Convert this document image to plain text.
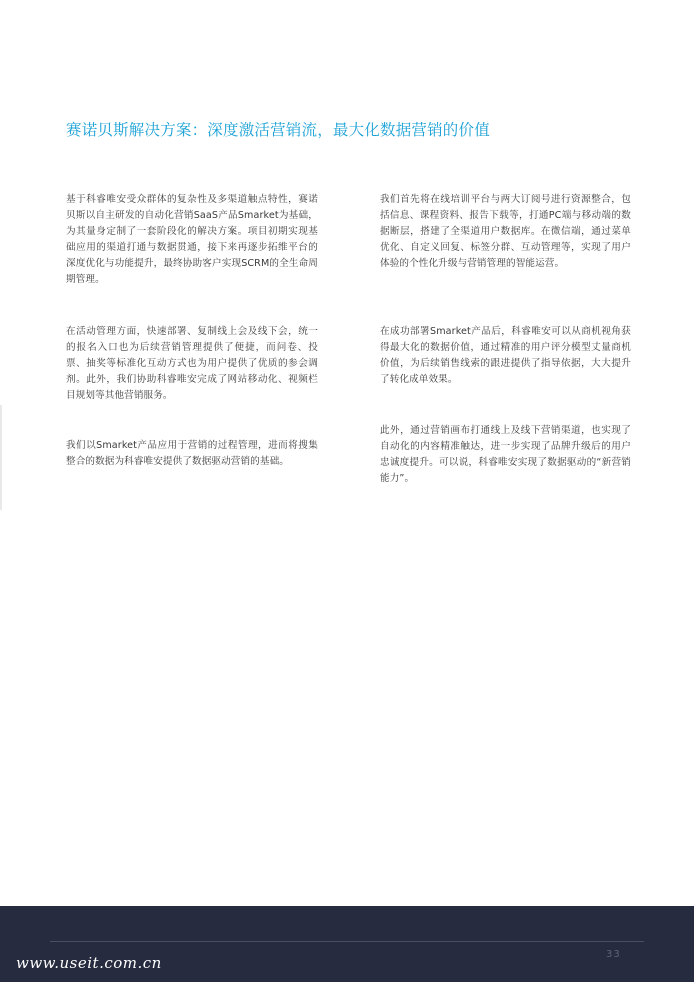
赛诺贝斯解决方案：深度激活营销流，最大化数据营销的价值

基于科睿唯安受众群体的复杂性及多渠道触点特性，赛诺贝斯以自主研发的自动化营销SaaS产品Smarket为基础，为其量身定制了一套阶段化的解决方案。项目初期实现基础应用的渠道打通与数据贯通，接下来再逐步拓维平台的深度优化与功能提升，最终协助客户实现SCRM的全生命周期管理。

在活动管理方面，快速部署、复制线上会及线下会，统一的报名入口也为后续营销管理提供了便捷，而问卷、投票、抽奖等标准化互动方式也为用户提供了优质的参会调剂。此外，我们协助科睿唯安完成了网站移动化、视频栏目规划等其他营销服务。

我们以Smarket产品应用于营销的过程管理，进而将搜集整合的数据为科睿唯安提供了数据驱动营销的基础。

我们首先将在线培训平台与两大订阅号进行资源整合，包括信息、课程资料、报告下载等，打通PC端与移动端的数据断层，搭建了全渠道用户数据库。在微信端，通过菜单优化、自定义回复、标签分群、互动管理等，实现了用户体验的个性化升级与营销管理的智能运营。

在成功部署Smarket产品后，科睿唯安可以从商机视角获得最大化的数据价值，通过精准的用户评分模型丈量商机价值，为后续销售线索的跟进提供了指导依据，大大提升了转化成单效果。

此外，通过营销画布打通线上及线下营销渠道，也实现了自动化的内容精准触达，进一步实现了品牌升级后的用户忠诚度提升。可以说，科睿唯安实现了数据驱动的“新营销能力”。

33
www.useit.com.cn
